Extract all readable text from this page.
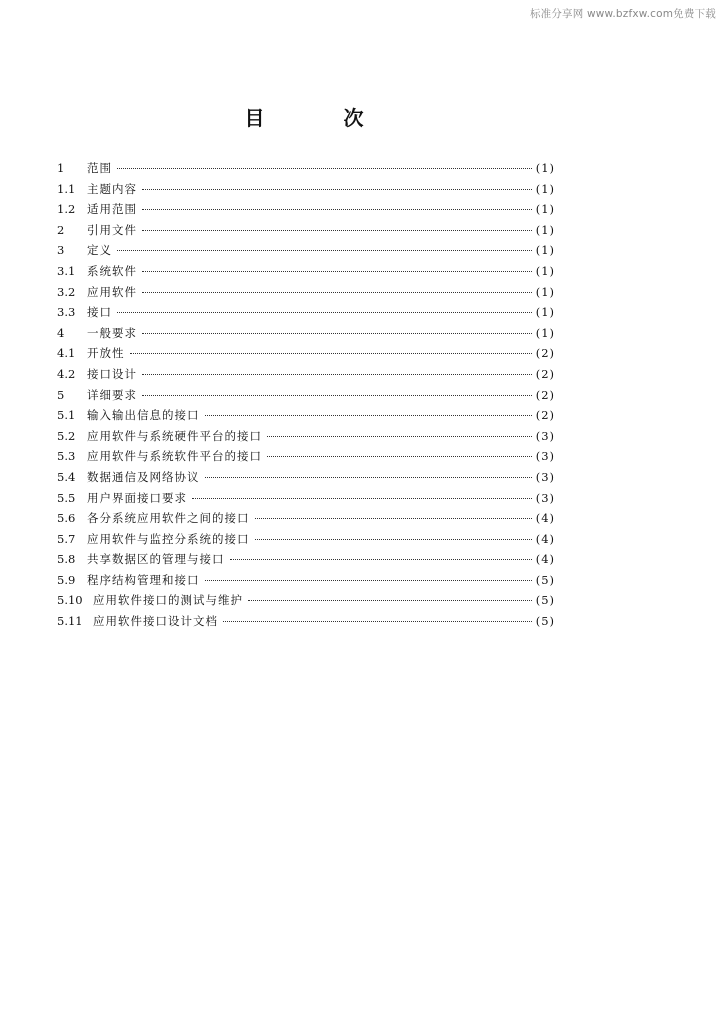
标准分享网 www.bzfxw.com免费下载
目 次
1	范围	(1)
1.1	主题内容	(1)
1.2	适用范围	(1)
2	引用文件	(1)
3	定义	(1)
3.1	系统软件	(1)
3.2	应用软件	(1)
3.3	接口	(1)
4	一般要求	(1)
4.1	开放性	(2)
4.2	接口设计	(2)
5	详细要求	(2)
5.1	输入输出信息的接口	(2)
5.2	应用软件与系统硬件平台的接口	(3)
5.3	应用软件与系统软件平台的接口	(3)
5.4	数据通信及网络协议	(3)
5.5	用户界面接口要求	(3)
5.6	各分系统应用软件之间的接口	(4)
5.7	应用软件与监控分系统的接口	(4)
5.8	共享数据区的管理与接口	(4)
5.9	程序结构管理和接口	(5)
5.10 应用软件接口的测试与维护	(5)
5.11 应用软件接口设计文档	(5)
